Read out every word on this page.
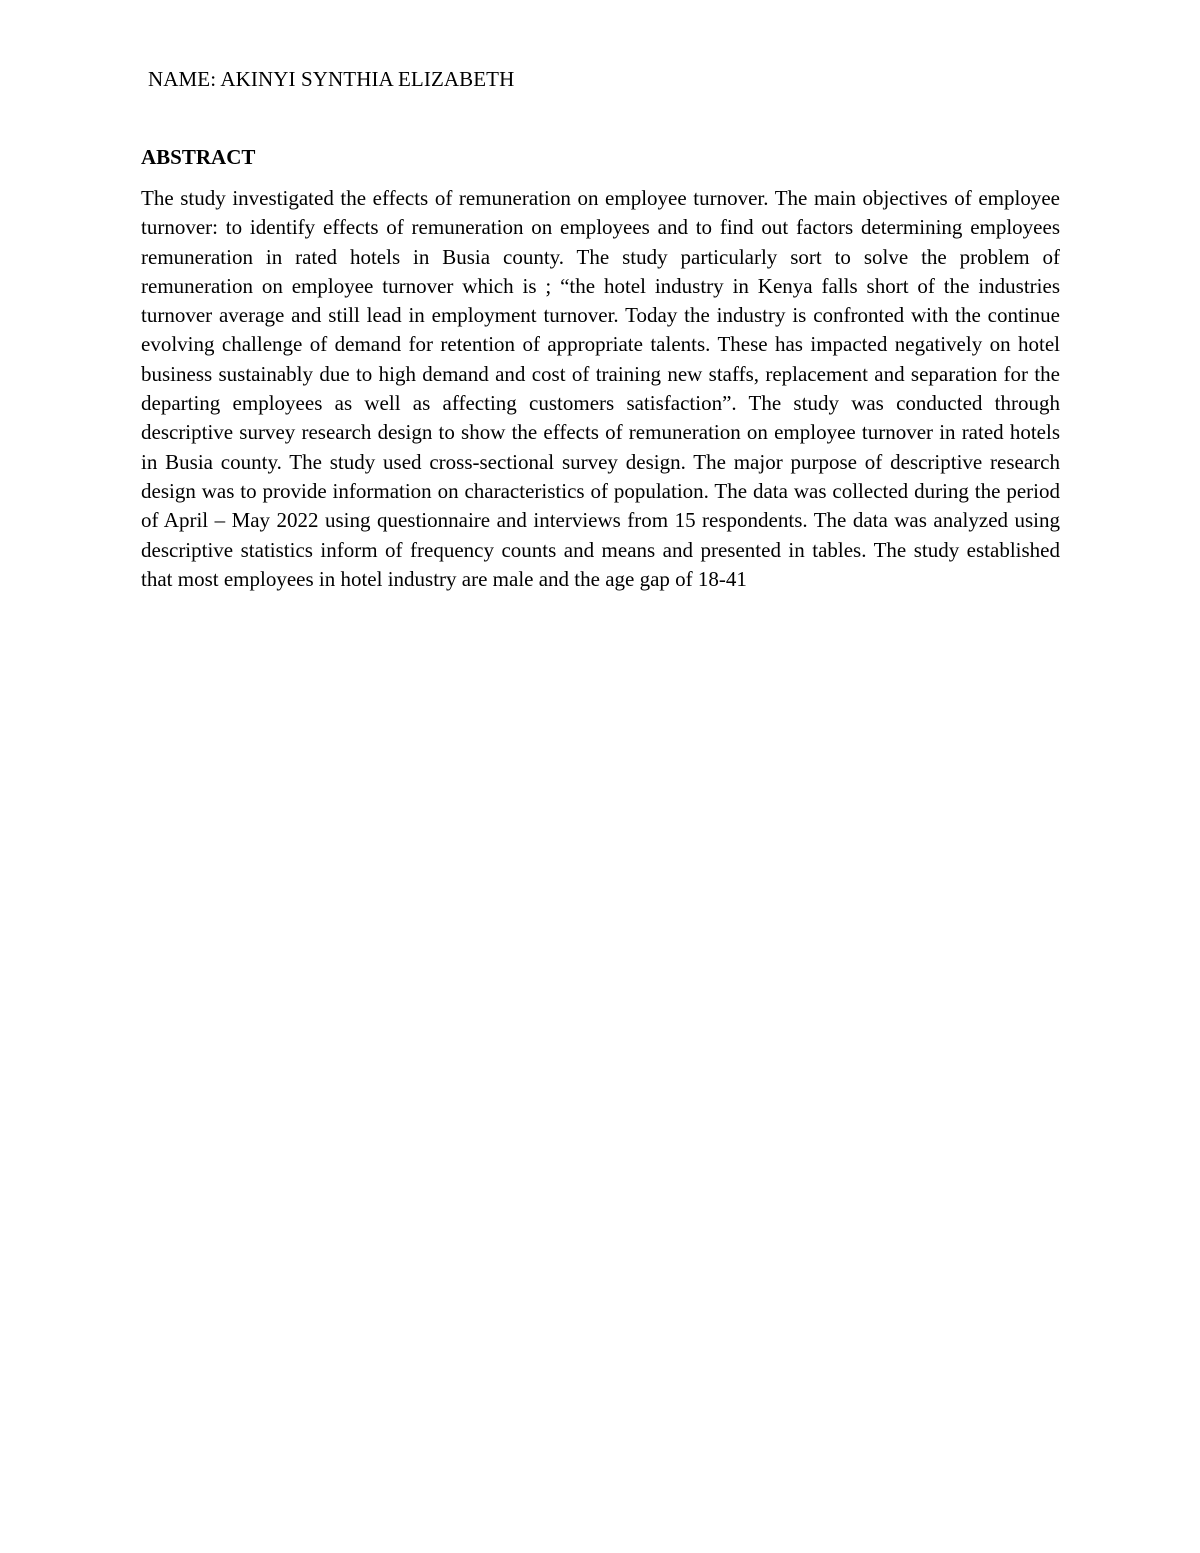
NAME: AKINYI SYNTHIA ELIZABETH
ABSTRACT

The study investigated the effects of remuneration on employee turnover. The main objectives of employee turnover: to identify effects of remuneration on employees and to find out factors determining employees remuneration in rated hotels in Busia county. The study particularly sort to solve the problem of remuneration on employee turnover which is ; “the hotel industry in Kenya falls short of the industries turnover average and still lead in employment turnover. Today the industry is confronted with the continue evolving challenge of demand for retention of appropriate talents. These has impacted negatively on hotel business sustainably due to high demand and cost of training new staffs, replacement and separation for the departing employees as well as affecting customers satisfaction”. The study was conducted through descriptive survey research design to show the effects of remuneration on employee turnover in rated hotels in Busia county. The study used cross-sectional survey design. The major purpose of descriptive research design was to provide information on characteristics of population. The data was collected during the period of April – May 2022 using questionnaire and interviews from 15 respondents. The data was analyzed using descriptive statistics inform of frequency counts and means and presented in tables. The study established that most employees in hotel industry are male and the age gap of 18-41
